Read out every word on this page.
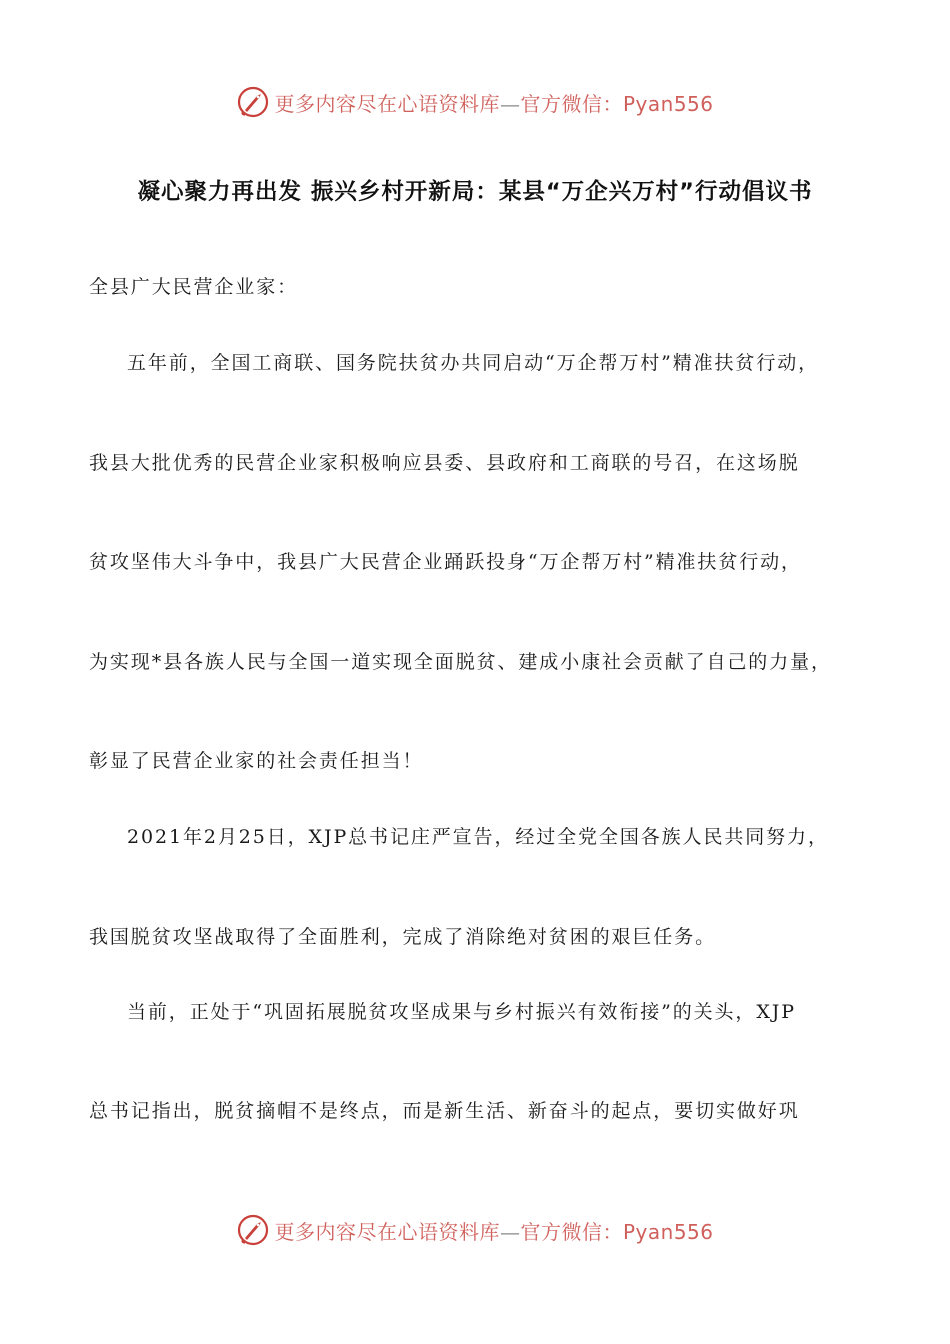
更多内容尽在心语资料库—官方微信：Pyan556
凝心聚力再出发 振兴乡村开新局：某县“万企兴万村”行动倡议书
全县广大民营企业家：
五年前，全国工商联、国务院扶贫办共同启动“万企帮万村”精准扶贫行动，
我县大批优秀的民营企业家积极响应县委、县政府和工商联的号召，在这场脱
贫攻坚伟大斗争中，我县广大民营企业踊跃投身“万企帮万村”精准扶贫行动，
为实现*县各族人民与全国一道实现全面脱贫、建成小康社会贡献了自己的力量，
彰显了民营企业家的社会责任担当！
2021年2月25日，XJP总书记庄严宣告，经过全党全国各族人民共同努力，
我国脱贫攻坚战取得了全面胜利，完成了消除绝对贫困的艰巨任务。
当前，正处于“巩固拓展脱贫攻坚成果与乡村振兴有效衔接”的关头，XJP
总书记指出，脱贫摘帽不是终点，而是新生活、新奋斗的起点，要切实做好巩
更多内容尽在心语资料库—官方微信：Pyan556
